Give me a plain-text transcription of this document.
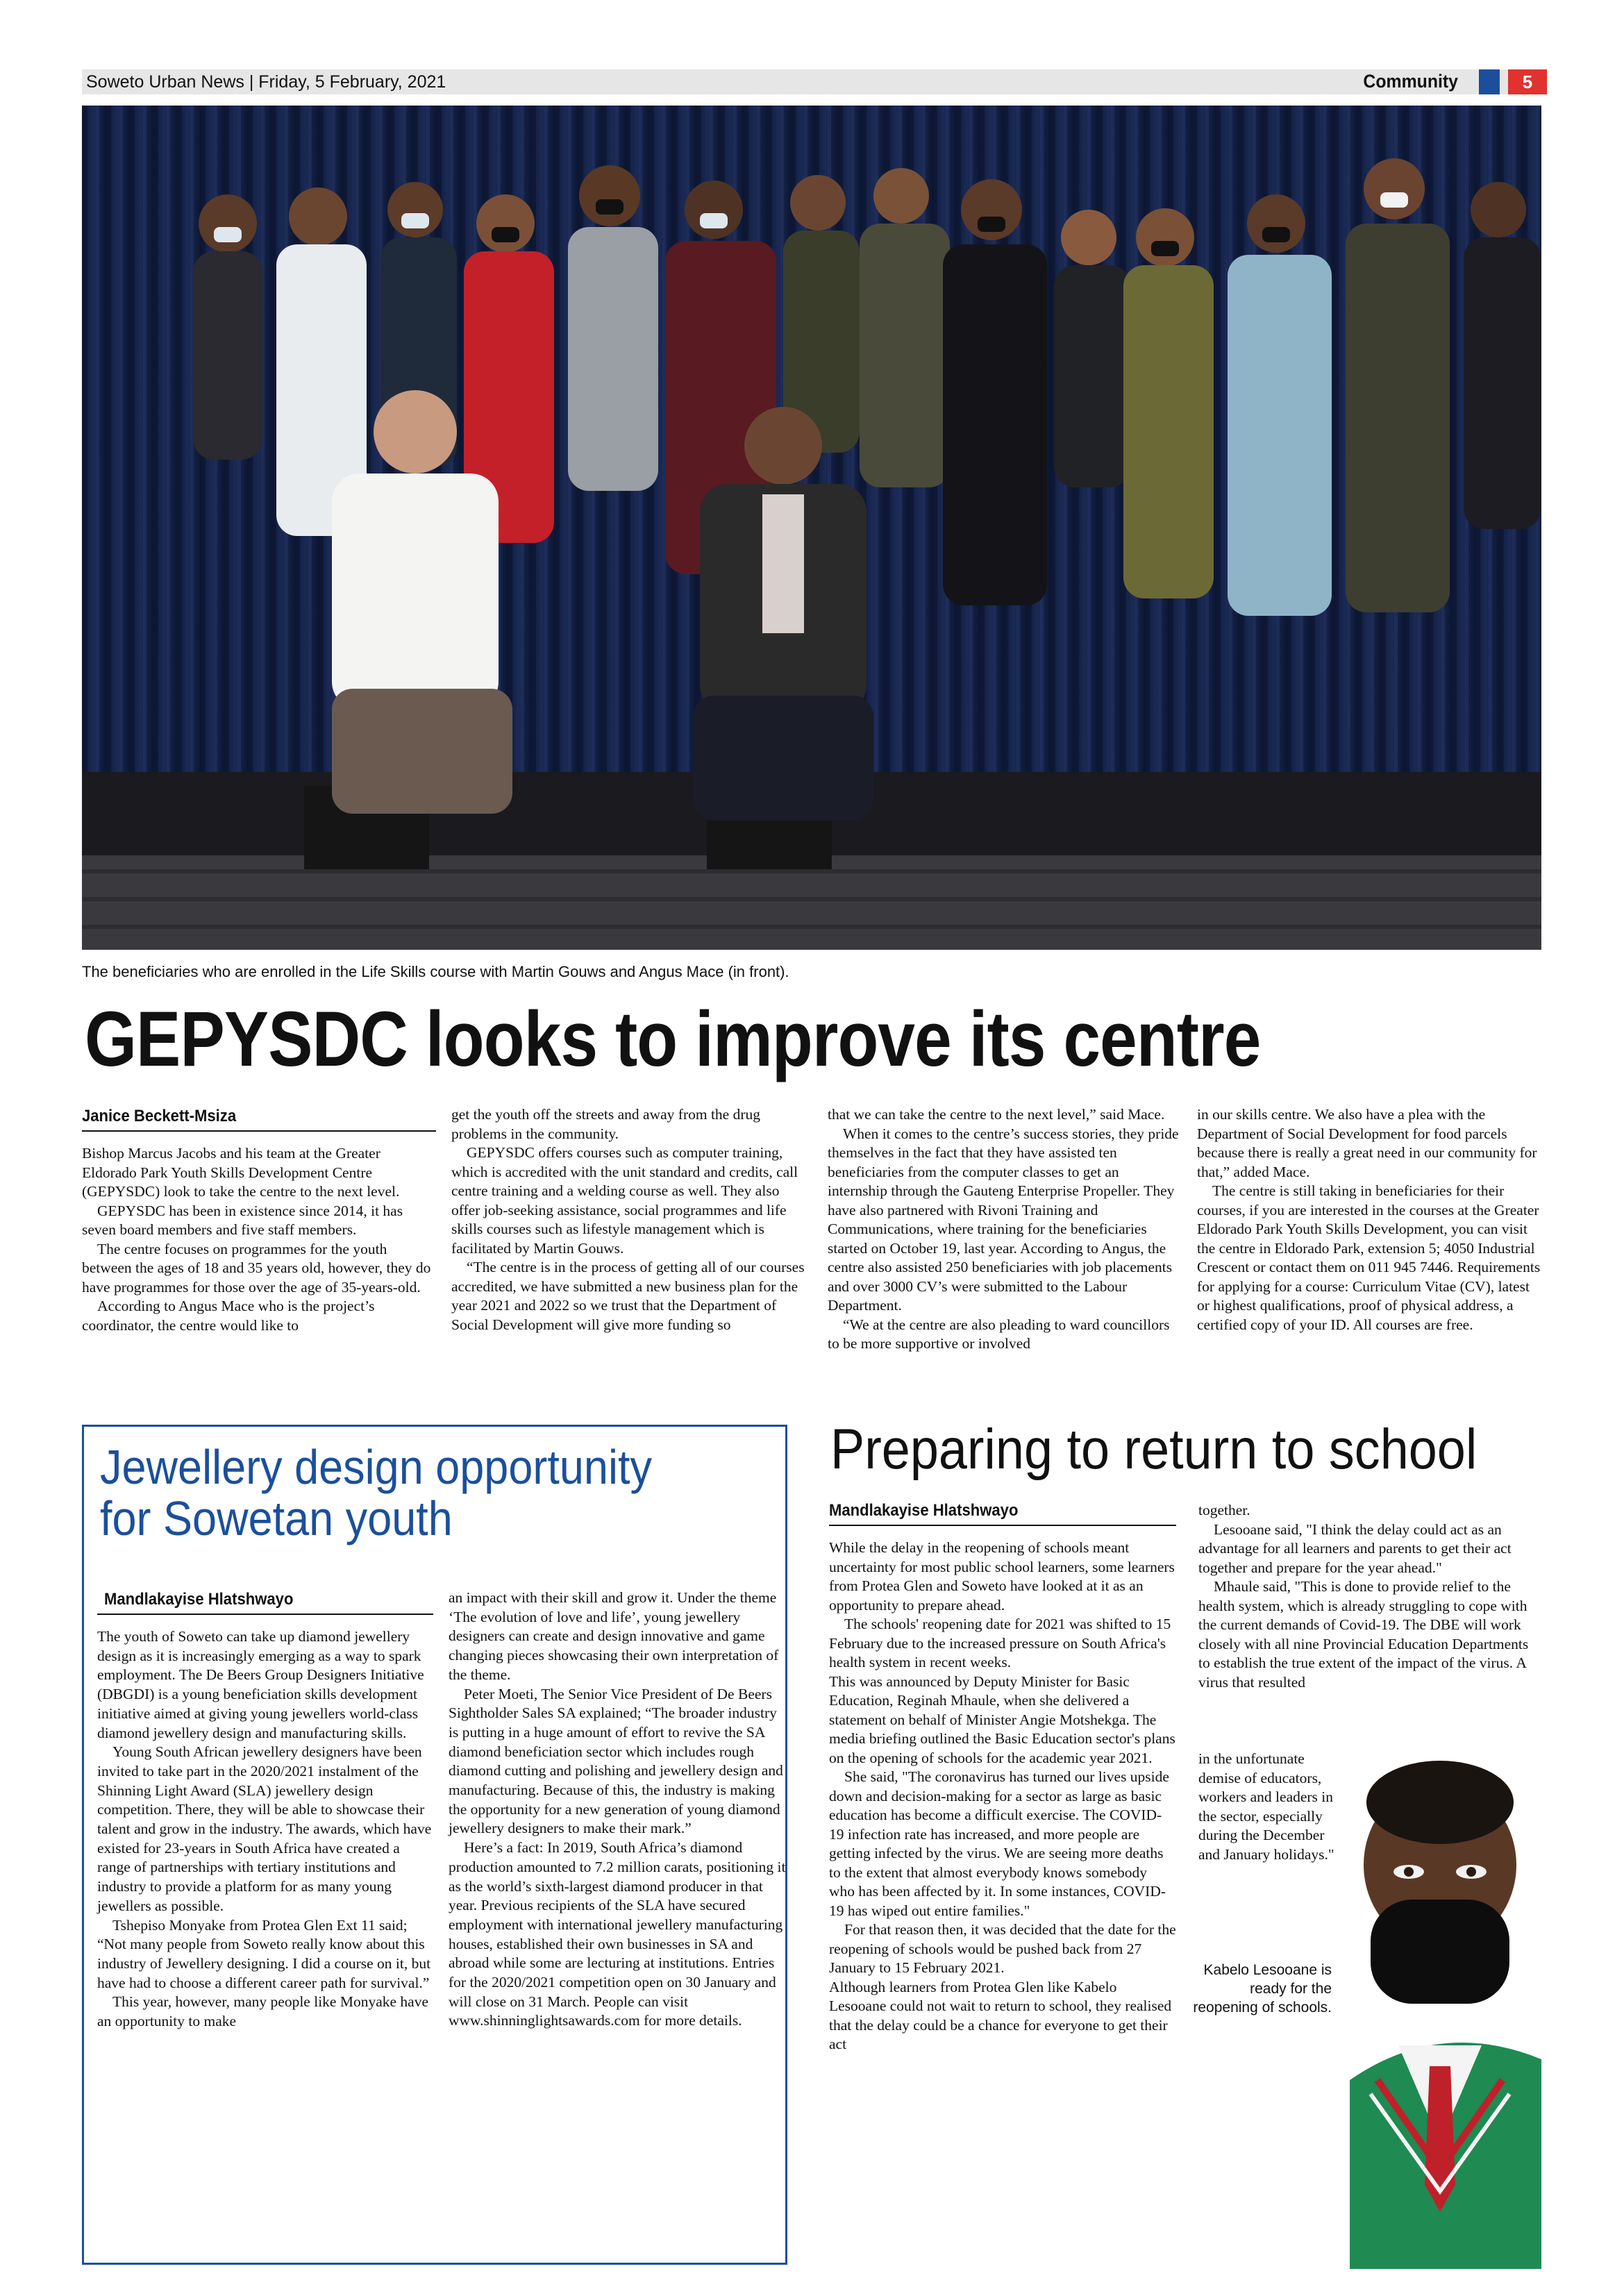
Soweto Urban News | Friday, 5 February, 2021	Community	5
The beneficiaries who are enrolled in the Life Skills course with Martin Gouws and Angus Mace (in front).
GEPYSDC looks to improve its centre
Janice Beckett-Msiza

Bishop Marcus Jacobs and his team at the Greater Eldorado Park Youth Skills Development Centre (GEPYSDC) look to take the centre to the next level.

GEPYSDC has been in existence since 2014, it has seven board members and five staff members.

The centre focuses on programmes for the youth between the ages of 18 and 35 years old, however, they do have programmes for those over the age of 35-years-old.

According to Angus Mace who is the project’s coordinator, the centre would like to

get the youth off the streets and away from the drug problems in the community.

GEPYSDC offers courses such as computer training, which is accredited with the unit standard and credits, call centre training and a welding course as well. They also offer job-seeking assistance, social programmes and life skills courses such as lifestyle management which is facilitated by Martin Gouws.

“The centre is in the process of getting all of our courses accredited, we have submitted a new business plan for the year 2021 and 2022 so we trust that the Department of Social Development will give more funding so

that we can take the centre to the next level,” said Mace.

When it comes to the centre’s success stories, they pride themselves in the fact that they have assisted ten beneficiaries from the computer classes to get an internship through the Gauteng Enterprise Propeller. They have also partnered with Rivoni Training and Communications, where training for the beneficiaries started on October 19, last year. According to Angus, the centre also assisted 250 beneficiaries with job placements and over 3000 CV’s were submitted to the Labour Department.

“We at the centre are also pleading to ward councillors to be more supportive or involved

in our skills centre. We also have a plea with the Department of Social Development for food parcels because there is really a great need in our community for that,” added Mace.

The centre is still taking in beneficiaries for their courses, if you are interested in the courses at the Greater Eldorado Park Youth Skills Development, you can visit the centre in Eldorado Park, extension 5; 4050 Industrial Crescent or contact them on 011 945 7446. Requirements for applying for a course: Curriculum Vitae (CV), latest or highest qualifications, proof of physical address, a certified copy of your ID. All courses are free.

Jewellery design opportunity
for Sowetan youth
Mandlakayise Hlatshwayo

The youth of Soweto can take up diamond jewellery design as it is increasingly emerging as a way to spark employment. The De Beers Group Designers Initiative (DBGDI) is a young beneficiation skills development initiative aimed at giving young jewellers world-class diamond jewellery design and manufacturing skills.

Young South African jewellery designers have been invited to take part in the 2020/2021 instalment of the Shinning Light Award (SLA) jewellery design competition. There, they will be able to showcase their talent and grow in the industry. The awards, which have existed for 23-years in South Africa have created a range of partnerships with tertiary institutions and industry to provide a platform for as many young jewellers as possible.

Tshepiso Monyake from Protea Glen Ext 11 said; “Not many people from Soweto really know about this industry of Jewellery designing. I did a course on it, but have had to choose a different career path for survival.”

This year, however, many people like Monyake have an opportunity to make

an impact with their skill and grow it. Under the theme ‘The evolution of love and life’, young jewellery designers can create and design innovative and game changing pieces showcasing their own interpretation of the theme.

Peter Moeti, The Senior Vice President of De Beers Sightholder Sales SA explained; “The broader industry is putting in a huge amount of effort to revive the SA diamond beneficiation sector which includes rough diamond cutting and polishing and jewellery design and manufacturing. Because of this, the industry is making the opportunity for a new generation of young diamond jewellery designers to make their mark.”

Here’s a fact: In 2019, South Africa’s diamond production amounted to 7.2 million carats, positioning it as the world’s sixth-largest diamond producer in that year. Previous recipients of the SLA have secured employment with international jewellery manufacturing houses, established their own businesses in SA and abroad while some are lecturing at institutions. Entries for the 2020/2021 competition open on 30 January and will close on 31 March. People can visit www.shinninglightsawards.com for more details.

Preparing to return to school
Mandlakayise Hlatshwayo

While the delay in the reopening of schools meant uncertainty for most public school learners, some learners from Protea Glen and Soweto have looked at it as an opportunity to prepare ahead.

The schools' reopening date for 2021 was shifted to 15 February due to the increased pressure on South Africa's health system in recent weeks.

This was announced by Deputy Minister for Basic Education, Reginah Mhaule, when she delivered a statement on behalf of Minister Angie Motshekga. The media briefing outlined the Basic Education sector's plans on the opening of schools for the academic year 2021.

She said, "The coronavirus has turned our lives upside down and decision-making for a sector as large as basic education has become a difficult exercise. The COVID-19 infection rate has increased, and more people are getting infected by the virus. We are seeing more deaths to the extent that almost everybody knows somebody who has been affected by it. In some instances, COVID-19 has wiped out entire families."

For that reason then, it was decided that the date for the reopening of schools would be pushed back from 27 January to 15 February 2021.

Although learners from Protea Glen like Kabelo Lesooane could not wait to return to school, they realised that the delay could be a chance for everyone to get their act

together.

Lesooane said, "I think the delay could act as an advantage for all learners and parents to get their act together and prepare for the year ahead."

Mhaule said, "This is done to provide relief to the health system, which is already struggling to cope with the current demands of Covid-19. The DBE will work closely with all nine Provincial Education Departments to establish the true extent of the impact of the virus. A virus that resulted

in the unfortunate demise of educators, workers and leaders in the sector, especially during the December and January holidays."

Kabelo Lesooane is ready for the reopening of schools.
